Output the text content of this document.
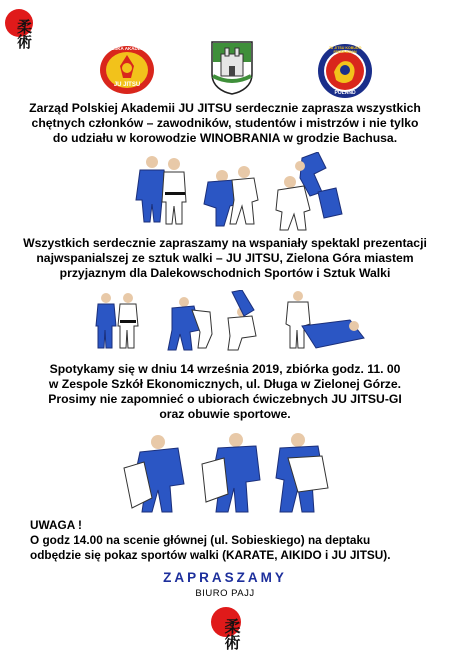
柔術	POLSKA AKADEMIA
JU JITSU
JU JITSU KOBUDO FEDERATION
POLAND
Zarząd Polskiej Akademii JU JITSU serdecznie zaprasza wszystkich
chętnych członków – zawodników, studentów i mistrzów i nie tylko
do udziału w korowodzie WINOBRANIA w grodzie Bachusa.
Wszystkich serdecznie zapraszamy na wspaniały spektakl prezentacji
najwspanialszej ze sztuk walki – JU JITSU, Zielona Góra miastem
przyjaznym dla Dalekowschodnich Sportów i Sztuk Walki
Spotykamy się w dniu 14 września 2019, zbiórka godz. 11. 00
w Zespole Szkół Ekonomicznych, ul. Długa w Zielonej Górze.
Prosimy nie zapomnieć o ubiorach ćwiczebnych JU JITSU-GI
oraz obuwie sportowe.
UWAGA !
O godz 14.00 na scenie głównej (ul. Sobieskiego) na deptaku
odbędzie się pokaz sportów walki (KARATE, AIKIDO i JU JITSU).
ZAPRASZAMY
BIURO PAJJ
柔術
